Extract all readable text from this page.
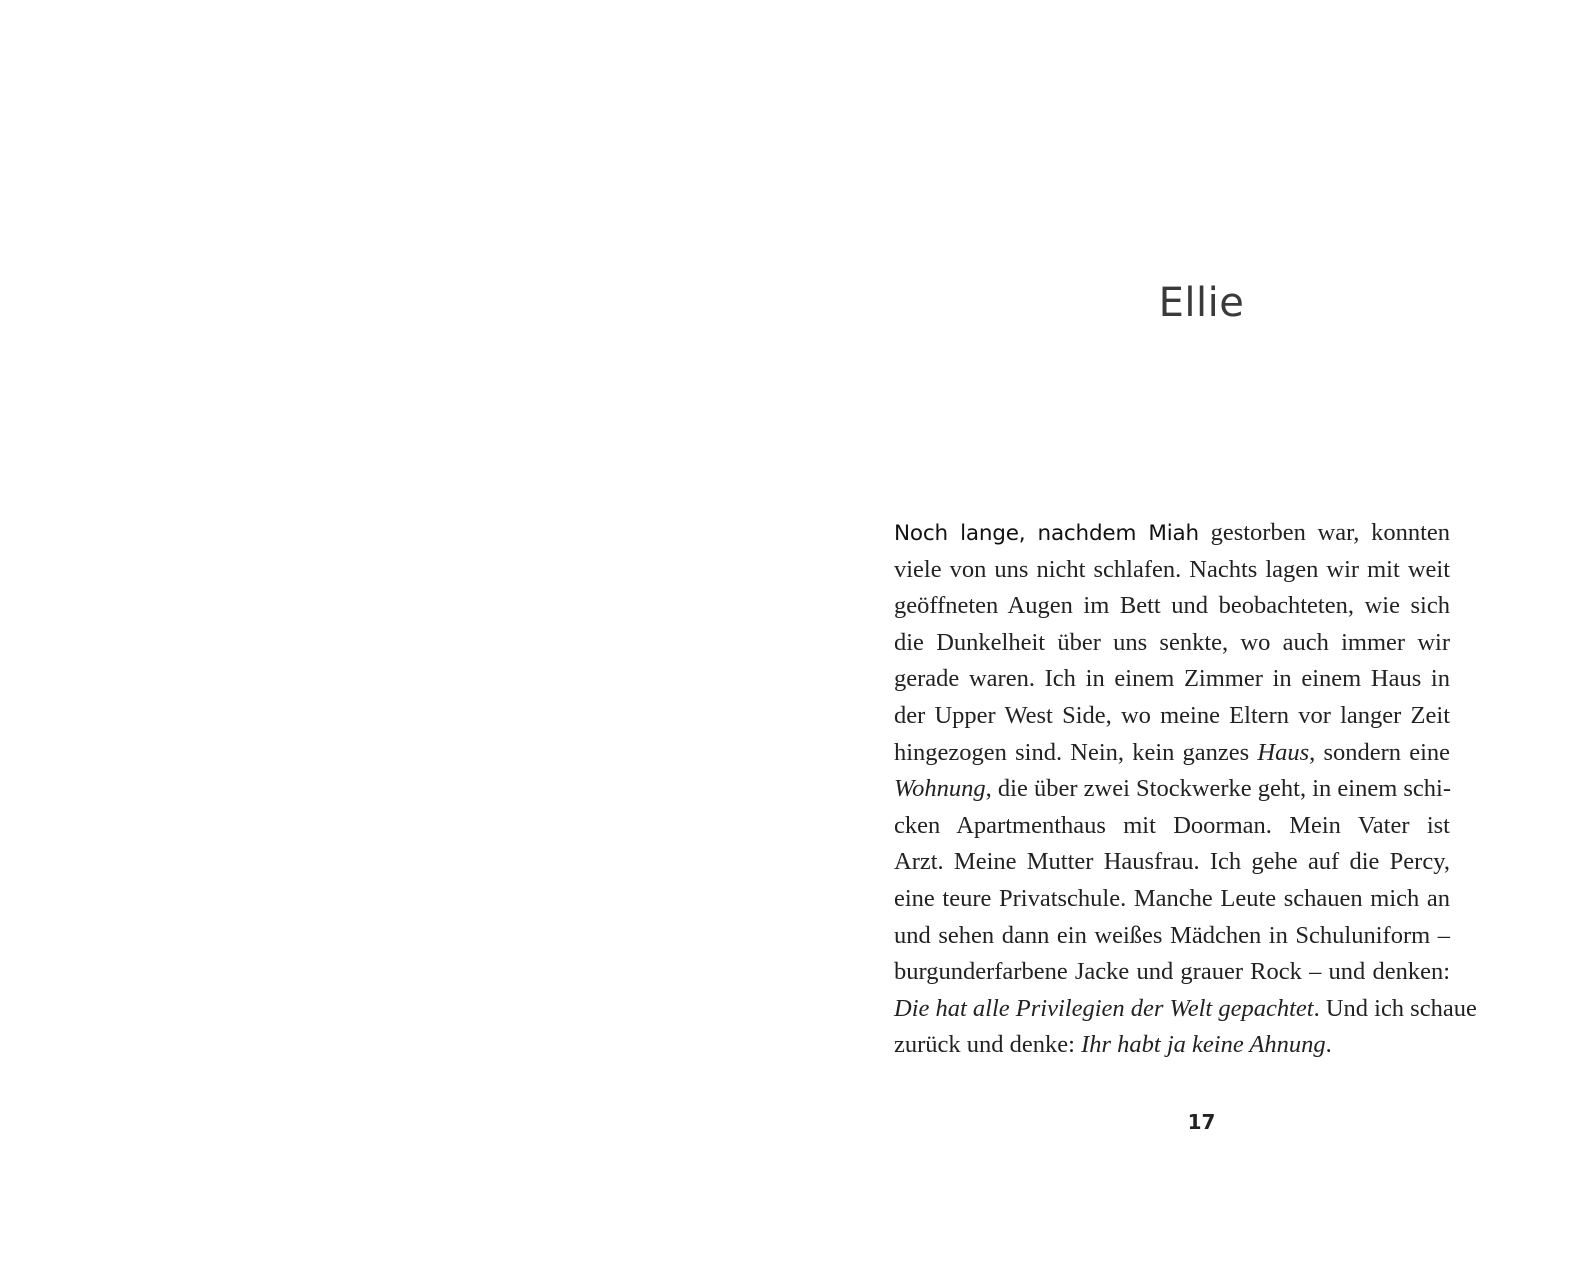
Ellie
Noch lange, nachdem Miah gestorben war, konnten
viele von uns nicht schlafen. Nachts lagen wir mit weit
geöffneten Augen im Bett und beobachteten, wie sich
die Dunkelheit über uns senkte, wo auch immer wir
gerade waren. Ich in einem Zimmer in einem Haus in
der Upper West Side, wo meine Eltern vor langer Zeit
hingezogen sind. Nein, kein ganzes Haus, sondern eine
Wohnung, die über zwei Stockwerke geht, in einem schi-
cken Apartmenthaus mit Doorman. Mein Vater ist
Arzt. Meine Mutter Hausfrau. Ich gehe auf die Percy,
eine teure Privatschule. Manche Leute schauen mich an
und sehen dann ein weißes Mädchen in Schuluniform –
burgunderfarbene Jacke und grauer Rock – und denken:
Die hat alle Privilegien der Welt gepachtet. Und ich schaue
zurück und denke: Ihr habt ja keine Ahnung.
17
